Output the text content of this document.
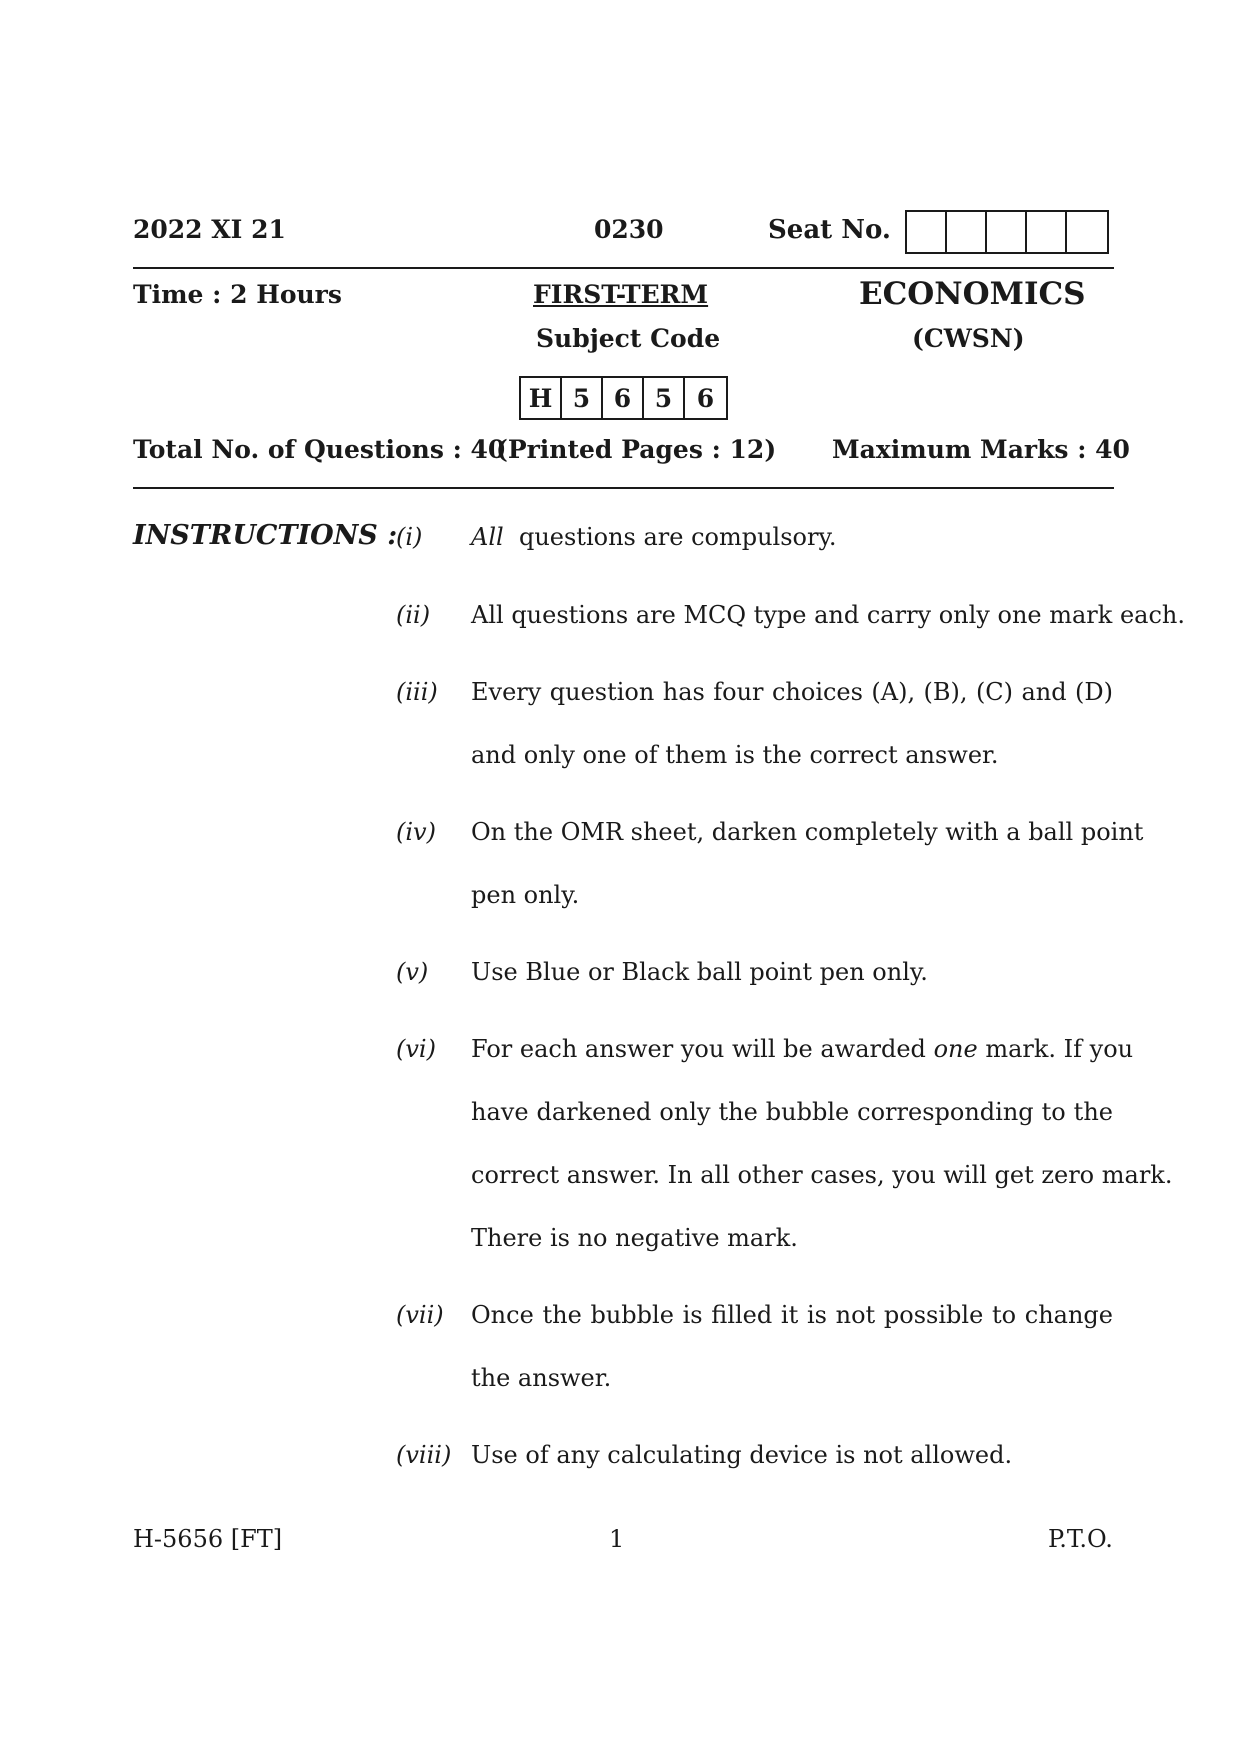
2022 XI 21	0230	Seat No.
Time : 2 Hours	FIRST-TERM	ECONOMICS
Subject Code	(CWSN)
H 5 6 5 6
Total No. of Questions : 40
(Printed Pages : 12) Maximum Marks : 40
INSTRUCTIONS :
(i) All questions are compulsory.
(ii) All questions are MCQ type and carry only one mark each.
(iii) Every question has four choices (A), (B), (C) and (D)
and only one of them is the correct answer.
(iv) On the OMR sheet, darken completely with a ball point
pen only.
(v) Use Blue or Black ball point pen only.
(vi) For each answer you will be awarded one mark. If you
have darkened only the bubble corresponding to the
correct answer. In all other cases, you will get zero mark.
There is no negative mark.
(vii) Once the bubble is filled it is not possible to change
the answer.
(viii) Use of any calculating device is not allowed.
H-5656 [FT]	1	P.T.O.
